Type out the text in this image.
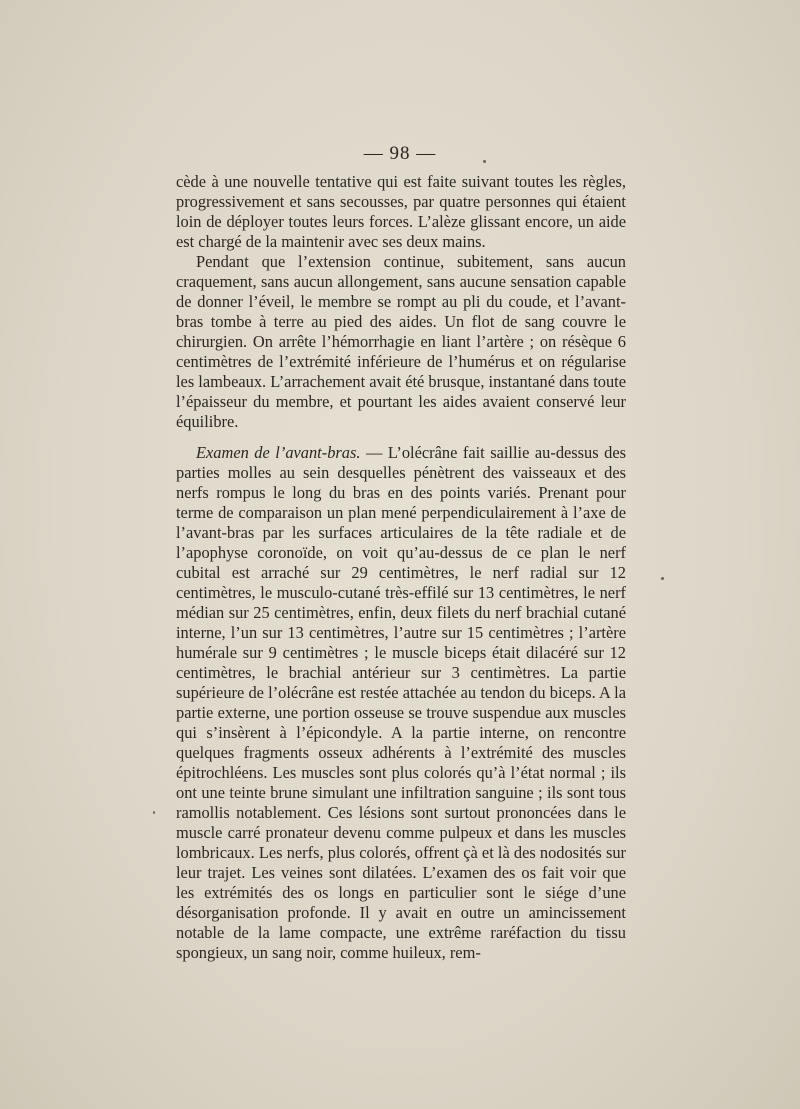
— 98 —

cède à une nouvelle tentative qui est faite suivant toutes les règles, progressivement et sans secousses, par quatre personnes qui étaient loin de déployer toutes leurs forces. L’alèze glissant encore, un aide est chargé de la maintenir avec ses deux mains.

Pendant que l’extension continue, subitement, sans aucun craquement, sans aucun allongement, sans aucune sensation capable de donner l’éveil, le membre se rompt au pli du coude, et l’avant-bras tombe à terre au pied des aides. Un flot de sang couvre le chirurgien. On arrête l’hémorrhagie en liant l’artère ; on résèque 6 centimètres de l’extrémité inférieure de l’humérus et on régularise les lambeaux. L’arrachement avait été brusque, instantané dans toute l’épaisseur du membre, et pourtant les aides avaient conservé leur équilibre.

Examen de l’avant-bras. — L’olécrâne fait saillie au-dessus des parties molles au sein desquelles pénètrent des vaisseaux et des nerfs rompus le long du bras en des points variés. Prenant pour terme de comparaison un plan mené perpendiculairement à l’axe de l’avant-bras par les surfaces articulaires de la tête radiale et de l’apophyse coronoïde, on voit qu’au-dessus de ce plan le nerf cubital est arraché sur 29 centimètres, le nerf radial sur 12 centimètres, le musculo-cutané très-effilé sur 13 centimètres, le nerf médian sur 25 centimètres, enfin, deux filets du nerf brachial cutané interne, l’un sur 13 centimètres, l’autre sur 15 centimètres ; l’artère humérale sur 9 centimètres ; le muscle biceps était dilacéré sur 12 centimètres, le brachial antérieur sur 3 centimètres. La partie supérieure de l’olécrâne est restée attachée au tendon du biceps. A la partie externe, une portion osseuse se trouve suspendue aux muscles qui s’insèrent à l’épicondyle. A la partie interne, on rencontre quelques fragments osseux adhérents à l’extrémité des muscles épitrochléens. Les muscles sont plus colorés qu’à l’état normal ; ils ont une teinte brune simulant une infiltration sanguine ; ils sont tous ramollis notablement. Ces lésions sont surtout prononcées dans le muscle carré pronateur devenu comme pulpeux et dans les muscles lombricaux. Les nerfs, plus colorés, offrent çà et là des nodosités sur leur trajet. Les veines sont dilatées. L’examen des os fait voir que les extrémités des os longs en particulier sont le siége d’une désorganisation profonde. Il y avait en outre un amincissement notable de la lame compacte, une extrême raréfaction du tissu spongieux, un sang noir, comme huileux, rem-
